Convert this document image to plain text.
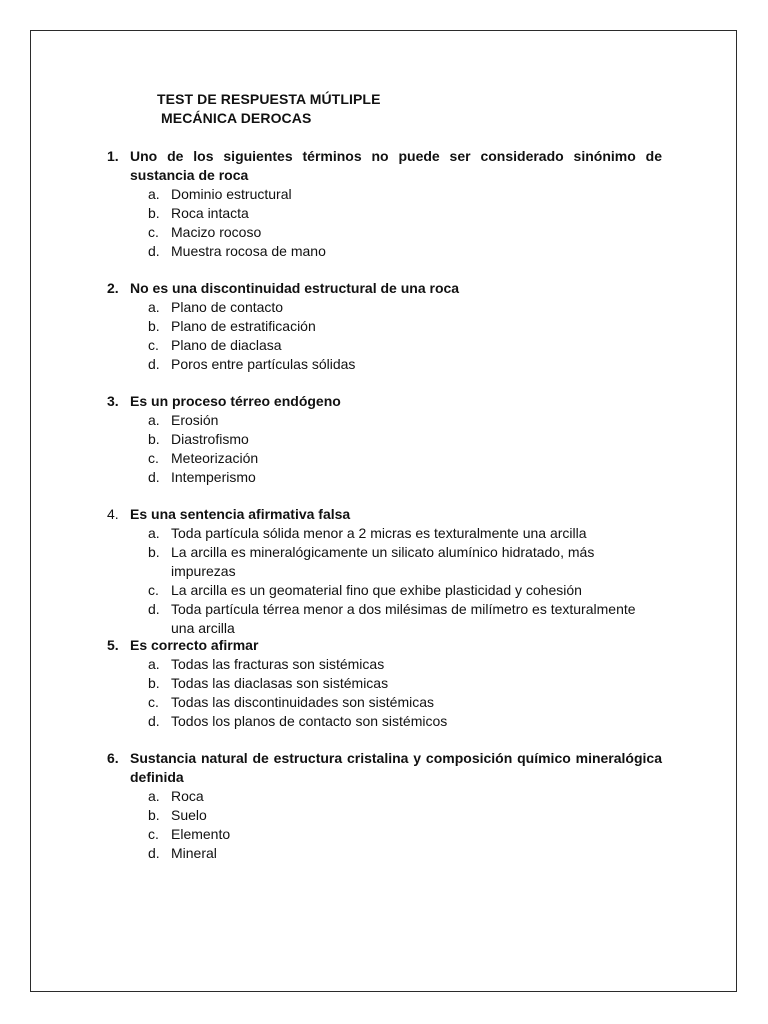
TEST DE RESPUESTA MÚTLIPLE
MECÁNICA DEROCAS
1. Uno de los siguientes términos no puede ser considerado sinónimo de sustancia de roca
a. Dominio estructural
b. Roca intacta
c. Macizo rocoso
d. Muestra rocosa de mano
2. No es una discontinuidad estructural de una roca
a. Plano de contacto
b. Plano de estratificación
c. Plano de diaclasa
d. Poros entre partículas sólidas
3. Es un proceso térreo endógeno
a. Erosión
b. Diastrofismo
c. Meteorización
d. Intemperismo
4. Es una sentencia afirmativa falsa
a. Toda partícula sólida menor a 2 micras es texturalmente una arcilla
b. La arcilla es mineralógicamente un silicato alumínico hidratado, más impurezas
c. La arcilla es un geomaterial fino que exhibe plasticidad y cohesión
d. Toda partícula térrea menor a dos milésimas de milímetro es texturalmente una arcilla
5. Es correcto afirmar
a. Todas las fracturas son sistémicas
b. Todas las diaclasas son sistémicas
c. Todas las discontinuidades son sistémicas
d. Todos los planos de contacto son sistémicos
6. Sustancia natural de estructura cristalina y composición químico mineralógica definida
a. Roca
b. Suelo
c. Elemento
d. Mineral
